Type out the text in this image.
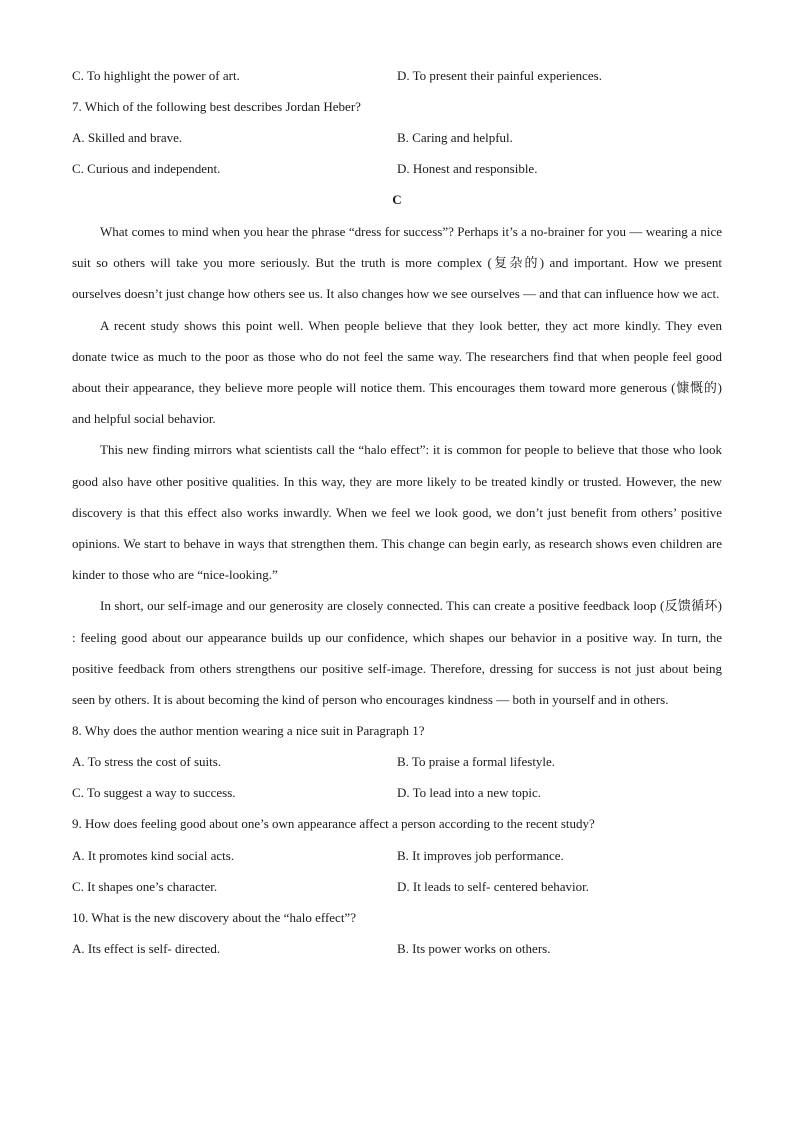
C. To highlight the power of art.	D. To present their painful experiences.
7. Which of the following best describes Jordan Heber?
A. Skilled and brave.	B. Caring and helpful.
C. Curious and independent.	D. Honest and responsible.
C

What comes to mind when you hear the phrase “dress for success”? Perhaps it’s a no-brainer for you — wearing a nice suit so others will take you more seriously. But the truth is more complex (复杂的) and important. How we present ourselves doesn’t just change how others see us. It also changes how we see ourselves — and that can influence how we act.

A recent study shows this point well. When people believe that they look better, they act more kindly. They even donate twice as much to the poor as those who do not feel the same way. The researchers find that when people feel good about their appearance, they believe more people will notice them. This encourages them toward more generous (慷慨的) and helpful social behavior.

This new finding mirrors what scientists call the “halo effect”: it is common for people to believe that those who look good also have other positive qualities. In this way, they are more likely to be treated kindly or trusted. However, the new discovery is that this effect also works inwardly. When we feel we look good, we don’t just benefit from others’ positive opinions. We start to behave in ways that strengthen them. This change can begin early, as research shows even children are kinder to those who are “nice-looking.”

In short, our self-image and our generosity are closely connected. This can create a positive feedback loop (反馈循环) : feeling good about our appearance builds up our confidence, which shapes our behavior in a positive way. In turn, the positive feedback from others strengthens our positive self-image. Therefore, dressing for success is not just about being seen by others. It is about becoming the kind of person who encourages kindness — both in yourself and in others.

8. Why does the author mention wearing a nice suit in Paragraph 1?
A. To stress the cost of suits.	B. To praise a formal lifestyle.
C. To suggest a way to success.	D. To lead into a new topic.
9. How does feeling good about one’s own appearance affect a person according to the recent study?
A. It promotes kind social acts.	B. It improves job performance.
C. It shapes one’s character.	D. It leads to self- centered behavior.
10. What is the new discovery about the “halo effect”?
A. Its effect is self- directed.	B. Its power works on others.
